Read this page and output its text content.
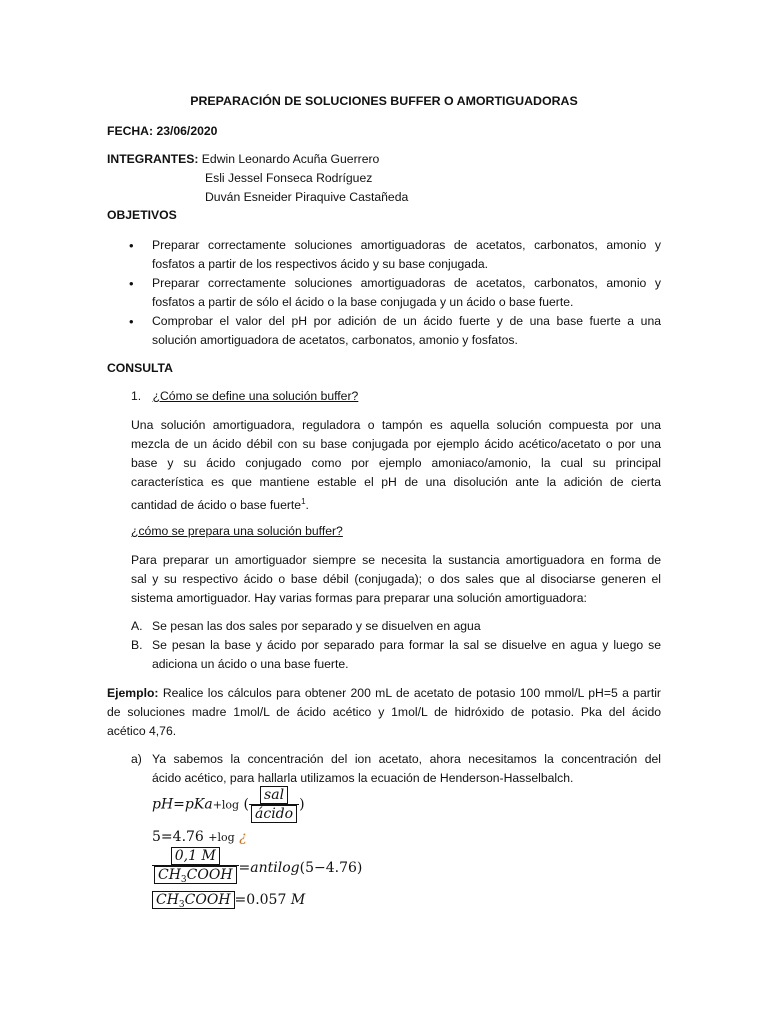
PREPARACIÓN DE SOLUCIONES BUFFER O AMORTIGUADORAS
FECHA: 23/06/2020
INTEGRANTES: Edwin Leonardo Acuña Guerrero
Esli Jessel Fonseca Rodríguez
Duván Esneider Piraquive Castañeda
OBJETIVOS
• Preparar correctamente soluciones amortiguadoras de acetatos, carbonatos, amonio y
fosfatos a partir de los respectivos ácido y su base conjugada.
• Preparar correctamente soluciones amortiguadoras de acetatos, carbonatos, amonio y
fosfatos a partir de sólo el ácido o la base conjugada y un ácido o base fuerte.
• Comprobar el valor del pH por adición de un ácido fuerte y de una base fuerte a una
solución amortiguadora de acetatos, carbonatos, amonio y fosfatos.
CONSULTA
1. ¿Cómo se define una solución buffer?
Una solución amortiguadora, reguladora o tampón es aquella solución compuesta por una
mezcla de un ácido débil con su base conjugada por ejemplo ácido acético/acetato o por una
base y su ácido conjugado como por ejemplo amoniaco/amonio, la cual su principal
característica es que mantiene estable el pH de una disolución ante la adición de cierta
cantidad de ácido o base fuerte$^1$.
¿cómo se prepara una solución buffer?
Para preparar un amortiguador siempre se necesita la sustancia amortiguadora en forma de
sal y su respectivo ácido o base débil (conjugada); o dos sales que al disociarse generen el
sistema amortiguador. Hay varias formas para preparar una solución amortiguadora:
A. Se pesan las dos sales por separado y se disuelven en agua
B. Se pesan la base y ácido por separado para formar la sal se disuelve en agua y luego se
adiciona un ácido o una base fuerte.
Ejemplo: Realice los cálculos para obtener 200 mL de acetato de potasio 100 mmol/L pH=5 a partir
de soluciones madre 1mol/L de ácido acético y 1mol/L de hidróxido de potasio. Pka del ácido
acético 4,76.
a) Ya sabemos la concentración del ion acetato, ahora necesitamos la concentración del
ácido acético, para hallarla utilizamos la ecuación de Henderson-Hasselbalch.
pH=pKa+log ( $\frac{\text{sal}}{\text{ácido}}$ )
5=4.76 +log ¿
$\frac{0,1 M}{CH_3COOH}$ =antilog(5−4.76)
$CH_3COOH =0.057$ M
